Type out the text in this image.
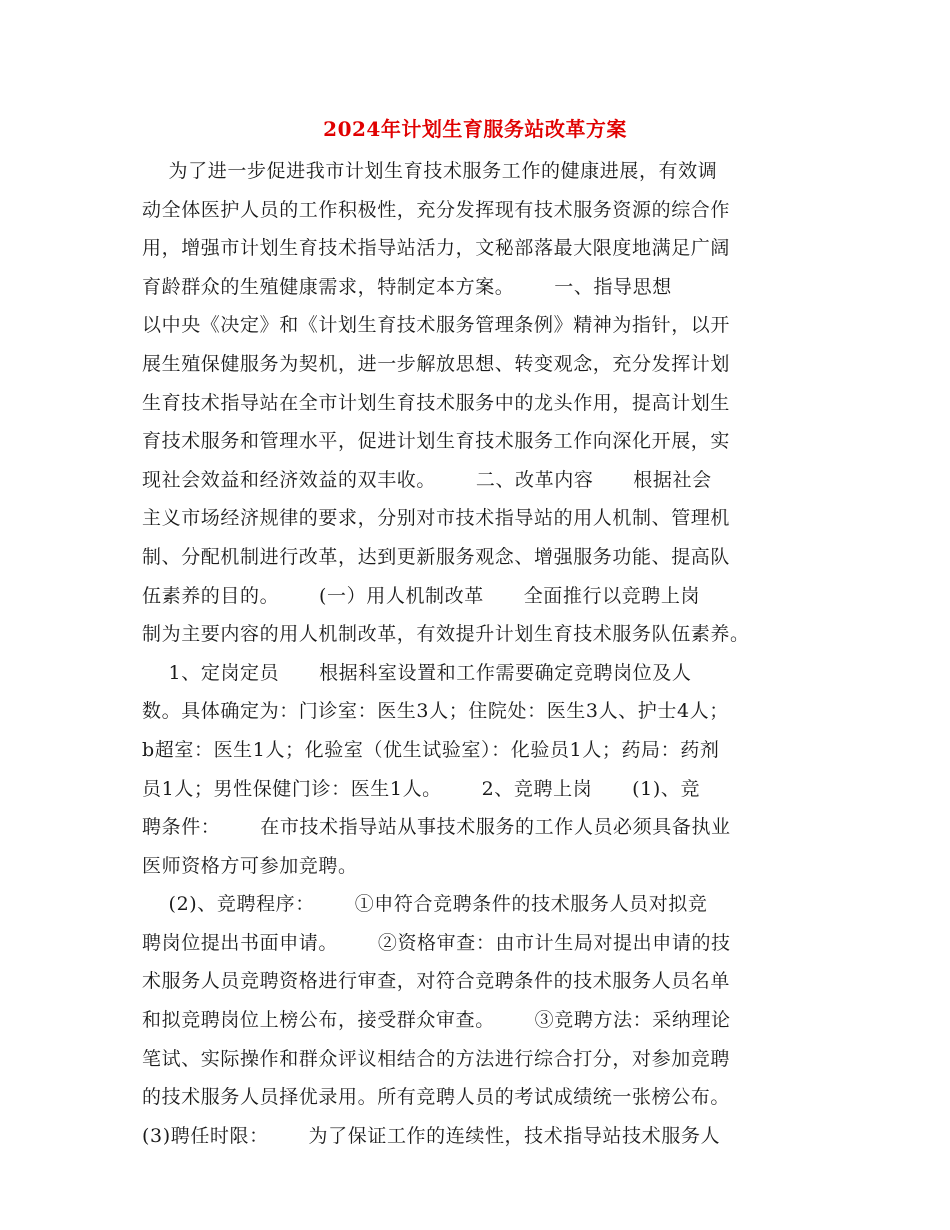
2024年计划生育服务站改革方案
为了进一步促进我市计划生育技术服务工作的健康进展，有效调
动全体医护人员的工作积极性，充分发挥现有技术服务资源的综合作
用，增强市计划生育技术指导站活力，文秘部落最大限度地满足广阔
育龄群众的生殖健康需求，特制定本方案。      一、指导思想
以中央《决定》和《计划生育技术服务管理条例》精神为指针，以开
展生殖保健服务为契机，进一步解放思想、转变观念，充分发挥计划
生育技术指导站在全市计划生育技术服务中的龙头作用，提高计划生
育技术服务和管理水平，促进计划生育技术服务工作向深化开展，实
现社会效益和经济效益的双丰收。      二、改革内容      根据社会
主义市场经济规律的要求，分别对市技术指导站的用人机制、管理机
制、分配机制进行改革，达到更新服务观念、增强服务功能、提高队
伍素养的目的。      (一）用人机制改革      全面推行以竞聘上岗
制为主要内容的用人机制改革，有效提升计划生育技术服务队伍素养。
1、定岗定员      根据科室设置和工作需要确定竞聘岗位及人
数。具体确定为：门诊室：医生3人；住院处：医生3人、护士4人；
b超室：医生1人；化验室（优生试验室）：化验员1人；药局：药剂
员1人；男性保健门诊：医生1人。      2、竞聘上岗      (1)、竞
聘条件：      在市技术指导站从事技术服务的工作人员必须具备执业
医师资格方可参加竞聘。
(2)、竞聘程序：      ①申符合竞聘条件的技术服务人员对拟竞
聘岗位提出书面申请。      ②资格审查：由市计生局对提出申请的技
术服务人员竞聘资格进行审查，对符合竞聘条件的技术服务人员名单
和拟竞聘岗位上榜公布，接受群众审查。      ③竞聘方法：采纳理论
笔试、实际操作和群众评议相结合的方法进行综合打分，对参加竞聘
的技术服务人员择优录用。所有竞聘人员的考试成绩统一张榜公布。
(3)聘任时限：      为了保证工作的连续性，技术指导站技术服务人
